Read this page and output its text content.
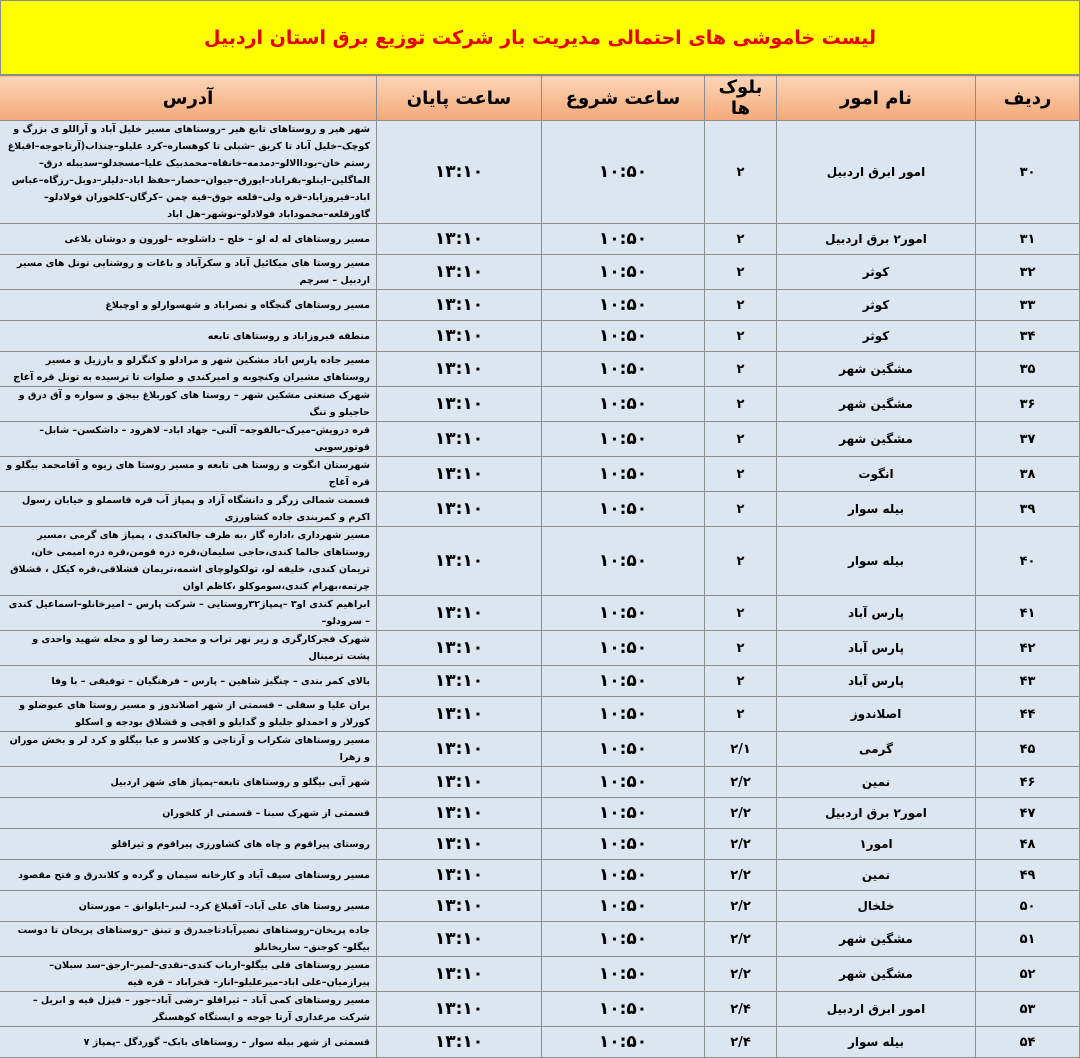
لیست خاموشی های احتمالی مدیریت بار شرکت توزیع برق استان اردبیل
ردیف	نام امور	بلوک ها	ساعت شروع	ساعت پایان	آدرس
۳۰	امور ابرق اردبیل	۲	۱۰:۵۰	۱۳:۱۰	شهر هیر و روستاهای تابع هیر –روستاهای مسیر خلیل آباد و آراللو ی بزرگ و کوچک–خلیل آباد تا کریق –شبلی تا کوهساره–کرد علیلو–چنذاب(آرتاجوجه–اقبلاغ رستم خان–بوداالالو–دمدمه–خانقاه–محمدبیک علیا–مسجدلو–سدیبله درق–الماگلین–اینلو–بقراباد–ایورق–جیوان–حصار–حفظ اباد–دلیلر–دوبل–رزگاه–عباس اباد–فیروزاباد–قره ولی–قلعه جوق–قیه چمن –کرگان–کلخوران فولادلو–گاورقلعه–محموداباد فولادلو–نوشهر–هل اباد
۳۱	امور۲ برق اردبیل	۲	۱۰:۵۰	۱۳:۱۰	مسیر روستاهای له له لو – خلج – داشلوجه –لورون و دوشان بلاغی
۳۲	کوثر	۲	۱۰:۵۰	۱۳:۱۰	مسیر روستا های میکائیل آباد و سکرآباد و باغات و روشنایی تونل های مسیر اردبیل – سرچم
۳۳	کوثر	۲	۱۰:۵۰	۱۳:۱۰	مسیر روستاهای گنجگاه و نصراباد و شهسوارلو و اوچبلاغ
۳۴	کوثر	۲	۱۰:۵۰	۱۳:۱۰	منطقه فیروزاباد و روستاهای تابعه
۳۵	مشگین شهر	۲	۱۰:۵۰	۱۳:۱۰	مسیر جاده پارس اباد مشکین شهر و مرادلو و کنگرلو و بارزیل و مسیر روستاهای مشیران وکنچوبه و امیرکندی و صلوات تا ترسیده به تونل قره آغاج
۳۶	مشگین شهر	۲	۱۰:۵۰	۱۳:۱۰	شهرک صنعتی مشکین شهر – روستا های کوربلاغ بیجق و سواره و آق درق و حاجیلو و تنگ
۳۷	مشگین شهر	۲	۱۰:۵۰	۱۳:۱۰	قره درویش–میرک–بالقوجه– آلنی– جهاد اباد– لاهرود – داشکسن– شابل– قوتورسویی
۳۸	انگوت	۲	۱۰:۵۰	۱۳:۱۰	شهرستان انگوت و روستا هی تابعه و مسیر روستا های زیوه و آقامحمد بیگلو و قره آغاج
۳۹	بیله سوار	۲	۱۰:۵۰	۱۳:۱۰	قسمت شمالی زرگر و دانشگاه آزاد و پمپاژ آب قره قاسملو و خیابان رسول اکرم و کمربندی جاده کشاورزی
۴۰	بیله سوار	۲	۱۰:۵۰	۱۳:۱۰	مسیر شهرداری ،اداره گاز ،به طرف جالعاکندی ، پمپاژ های گرمی ،مسیر روستاهای جالما کندی،حاجی سلیمان،قره دره قومن،قره دره امیمی خان، تریمان کندی، خلیفه لو، تولکولوچای اشمه،تریمان قشلاقی،قره کیکل ، قشلاق چرتمه،بهرام کندی،سومو‌کلو ،کاظم اوان
۴۱	پارس آباد	۲	۱۰:۵۰	۱۳:۱۰	ابراهیم کندی او۳ –پمپاژ۳۲روستایی – شرکت پارس – امیرخانلو–اسماعیل کندی – سرودلو–
۴۲	پارس آباد	۲	۱۰:۵۰	۱۳:۱۰	شهرک فجرکارگری و زیر نهر تراب و محمد رضا لو و محله شهید واحدی و پشت ترمینال
۴۳	پارس آباد	۲	۱۰:۵۰	۱۳:۱۰	بالای کمر بندی – چنگیز شاهین – پارس – فرهنگیان – توفیقی – با وفا
۴۴	اصلاندوز	۲	۱۰:۵۰	۱۳:۱۰	بران علیا و سفلی – قسمتی از شهر اصلاندوز و مسیر روستا های عیوضلو و کورلار و احمدلو جلیلو و گدایلو و اقچی و قشلاق بودجه و اسکلو
۴۵	گرمی	۲/۱	۱۰:۵۰	۱۳:۱۰	مسیر روستاهای شکراب و آرتاجی و کلاسر و عبا بیگلو و کرد لر و بخش موران و زهرا
۴۶	نمین	۲/۲	۱۰:۵۰	۱۳:۱۰	شهر آبی بیگلو و روستاهای تابعه–پمپاژ های شهر اردبیل
۴۷	امور۲ برق اردبیل	۲/۲	۱۰:۵۰	۱۳:۱۰	قسمتی از شهرک سبنا – قسمتی از کلخوران
۴۸	امور۱	۲/۲	۱۰:۵۰	۱۳:۱۰	روستای پیراقوم و چاه های کشاورزی پیراقوم و ثیراقلو
۴۹	نمین	۲/۲	۱۰:۵۰	۱۳:۱۰	مسیر روستاهای سیف آباد و کارخانه سیمان و گرده و کلاندرق و فتح مقصود
۵۰	خلخال	۲/۲	۱۰:۵۰	۱۳:۱۰	مسیر روستا های علی آباد– آقبلاغ کرد– لنبر–ایلوانق – مورستان
۵۱	مشگین شهر	۲/۲	۱۰:۵۰	۱۳:۱۰	جاده پریخان–روستاهای نصیرآبادتاجبدرق و تبنق –روستاهای پریخان تا دوست بیگلو– کوجنق– ساریخانلو
۵۲	مشگین شهر	۲/۲	۱۰:۵۰	۱۳:۱۰	مسیر روستاهای قلی بیگلو–ارباب کندی–نقدی–لمبر–ارجق–سد سبلان–پیرازمیان–علی اباد–میرعلیلو–انار– فخراباد – قره قیه
۵۳	امور ابرق اردبیل	۲/۴	۱۰:۵۰	۱۳:۱۰	مسیر روستاهای کمی آباد – ثیراقلو –رضی آباد–جور – قیزل قیه و ابریل – شرکت مرغداری آرتا جوجه و ایستگاه کوهسنگر
۵۴	بیله سوار	۲/۴	۱۰:۵۰	۱۳:۱۰	قسمتی از شهر بیله سوار – روستاهای بابک– گوردگل –پمپاژ ۷
